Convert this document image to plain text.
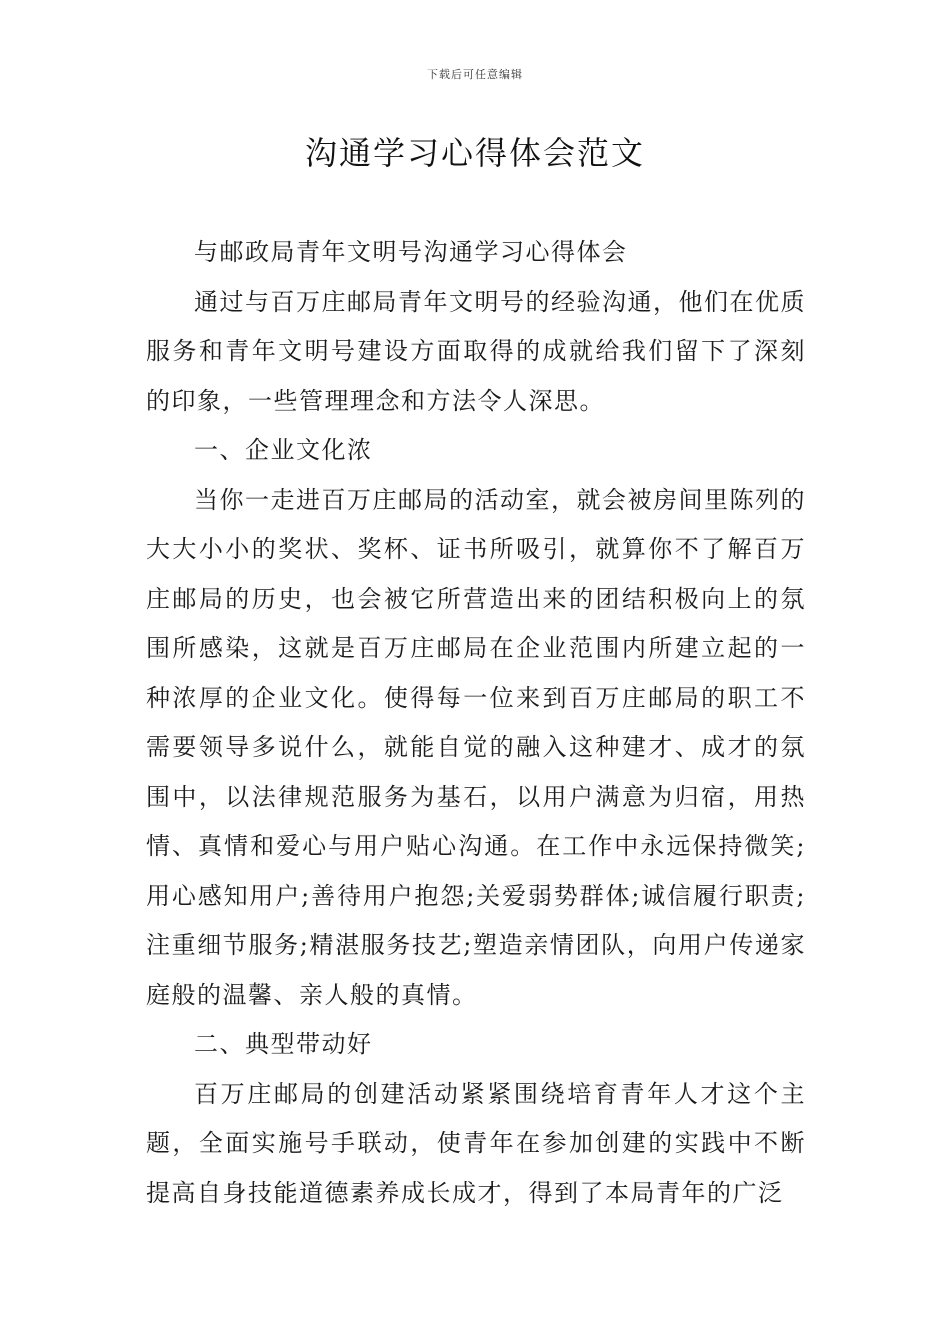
下载后可任意编辑
沟通学习心得体会范文

与邮政局青年文明号沟通学习心得体会

通过与百万庄邮局青年文明号的经验沟通，他们在优质服务和青年文明号建设方面取得的成就给我们留下了深刻的印象，一些管理理念和方法令人深思。

一、企业文化浓

当你一走进百万庄邮局的活动室，就会被房间里陈列的大大小小的奖状、奖杯、证书所吸引，就算你不了解百万庄邮局的历史，也会被它所营造出来的团结积极向上的氛围所感染，这就是百万庄邮局在企业范围内所建立起的一种浓厚的企业文化。使得每一位来到百万庄邮局的职工不需要领导多说什么，就能自觉的融入这种建才、成才的氛围中，以法律规范服务为基石，以用户满意为归宿，用热情、真情和爱心与用户贴心沟通。在工作中永远保持微笑;用心感知用户;善待用户抱怨;关爱弱势群体;诚信履行职责;注重细节服务;精湛服务技艺;塑造亲情团队，向用户传递家庭般的温馨、亲人般的真情。

二、典型带动好

百万庄邮局的创建活动紧紧围绕培育青年人才这个主题，全面实施号手联动，使青年在参加创建的实践中不断提高自身技能道德素养成长成才，得到了本局青年的广泛
